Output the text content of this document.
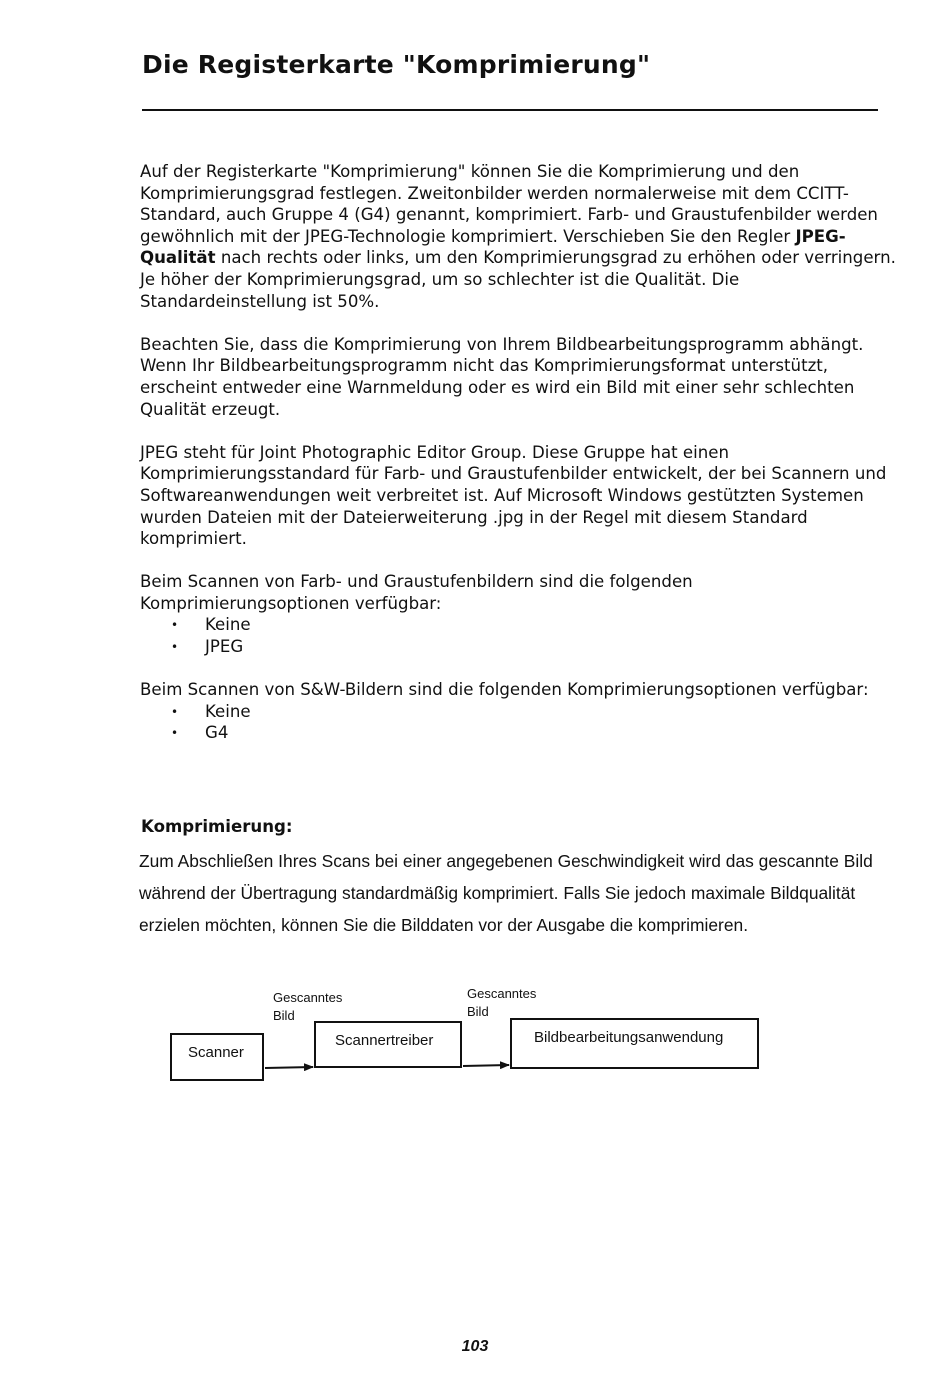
Die Registerkarte "Komprimierung"

Auf der Registerkarte "Komprimierung" können Sie die Komprimierung und den Komprimierungsgrad festlegen. Zweitonbilder werden normalerweise mit dem CCITT-Standard, auch Gruppe 4 (G4) genannt, komprimiert. Farb- und Graustufenbilder werden gewöhnlich mit der JPEG-Technologie komprimiert. Verschieben Sie den Regler JPEG-Qualität nach rechts oder links, um den Komprimierungsgrad zu erhöhen oder verringern. Je höher der Komprimierungsgrad, um so schlechter ist die Qualität. Die Standardeinstellung ist 50%.

Beachten Sie, dass die Komprimierung von Ihrem Bildbearbeitungsprogramm abhängt. Wenn Ihr Bildbearbeitungsprogramm nicht das Komprimierungsformat unterstützt, erscheint entweder eine Warnmeldung oder es wird ein Bild mit einer sehr schlechten Qualität erzeugt.

JPEG steht für Joint Photographic Editor Group. Diese Gruppe hat einen Komprimierungsstandard für Farb- und Graustufenbilder entwickelt, der bei Scannern und Softwareanwendungen weit verbreitet ist. Auf Microsoft Windows gestützten Systemen wurden Dateien mit der Dateierweiterung .jpg in der Regel mit diesem Standard komprimiert.

Beim Scannen von Farb- und Graustufenbildern sind die folgenden Komprimierungsoptionen verfügbar:

• Keine
• JPEG

Beim Scannen von S&W-Bildern sind die folgenden Komprimierungsoptionen verfügbar:

• Keine
• G4
Komprimierung:
Zum Abschließen Ihres Scans bei einer angegebenen Geschwindigkeit wird das gescannte Bild während der Übertragung standardmäßig komprimiert. Falls Sie jedoch maximale Bildqualität erzielen möchten, können Sie die Bilddaten vor der Ausgabe die komprimieren.
Gescanntes Bild
Gescanntes Bild
Scanner
Scannertreiber	Bildbearbeitungsanwendung
103
